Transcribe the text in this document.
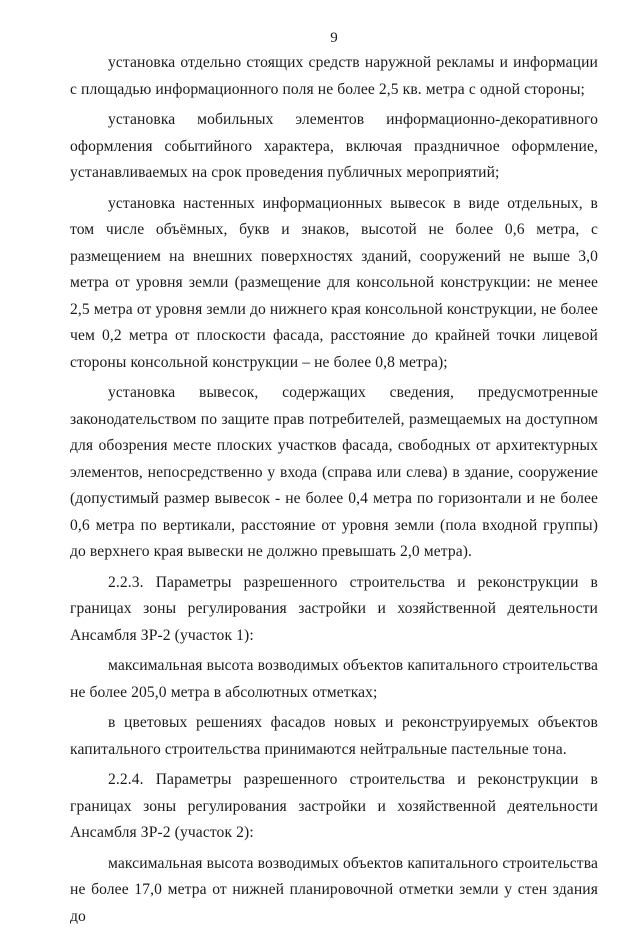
9

установка отдельно стоящих средств наружной рекламы и информации с площадью информационного поля не более 2,5 кв. метра с одной стороны;

установка мобильных элементов информационно-декоративного оформления событийного характера, включая праздничное оформление, устанавливаемых на срок проведения публичных мероприятий;

установка настенных информационных вывесок в виде отдельных, в том числе объёмных, букв и знаков, высотой не более 0,6 метра, с размещением на внешних поверхностях зданий, сооружений не выше 3,0 метра от уровня земли (размещение для консольной конструкции: не менее 2,5 метра от уровня земли до нижнего края консольной конструкции, не более чем 0,2 метра от плоскости фасада, расстояние до крайней точки лицевой стороны консольной конструкции – не более 0,8 метра);

установка вывесок, содержащих сведения, предусмотренные законодательством по защите прав потребителей, размещаемых на доступном для обозрения месте плоских участков фасада, свободных от архитектурных элементов, непосредственно у входа (справа или слева) в здание, сооружение (допустимый размер вывесок - не более 0,4 метра по горизонтали и не более 0,6 метра по вертикали, расстояние от уровня земли (пола входной группы) до верхнего края вывески не должно превышать 2,0 метра).

2.2.3. Параметры разрешенного строительства и реконструкции в границах зоны регулирования застройки и хозяйственной деятельности Ансамбля ЗР-2 (участок 1):

максимальная высота возводимых объектов капитального строительства не более 205,0 метра в абсолютных отметках;

в цветовых решениях фасадов новых и реконструируемых объектов капитального строительства принимаются нейтральные пастельные тона.

2.2.4. Параметры разрешенного строительства и реконструкции в границах зоны регулирования застройки и хозяйственной деятельности Ансамбля ЗР-2 (участок 2):

максимальная высота возводимых объектов капитального строительства не более 17,0 метра от нижней планировочной отметки земли у стен здания до
